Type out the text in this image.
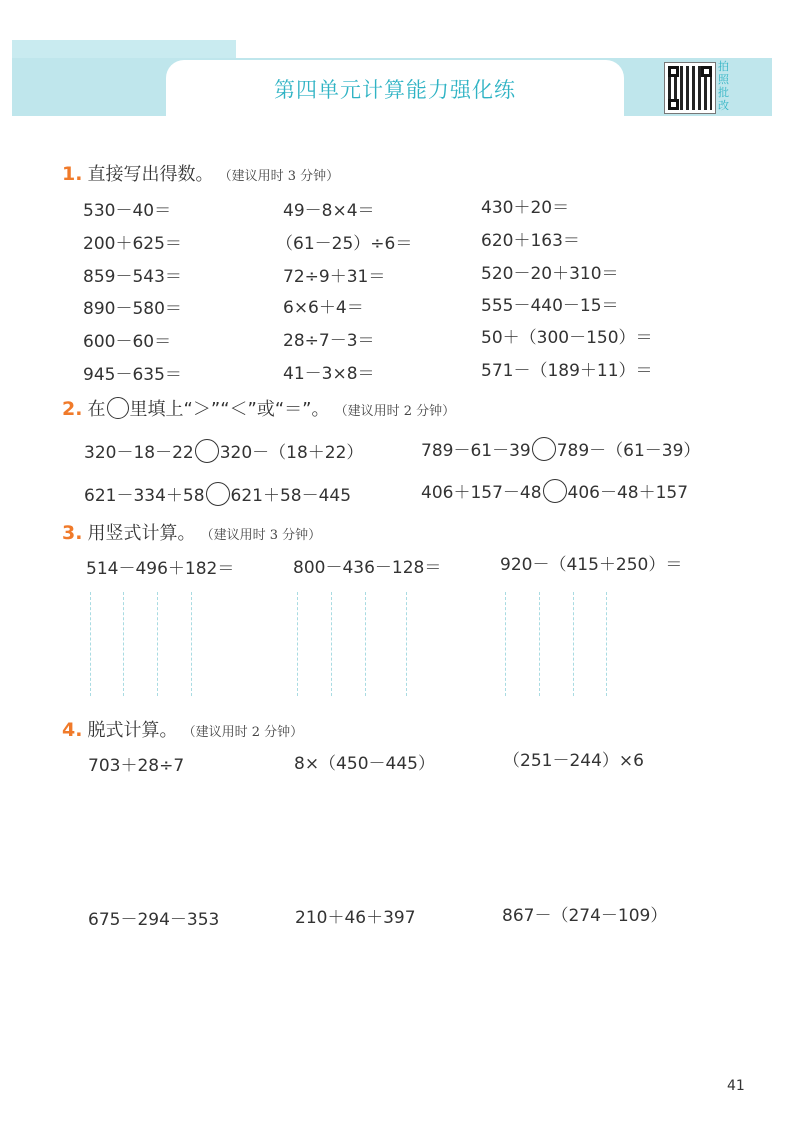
第四单元计算能力强化练
拍照批改
1. 直接写出得数。 （建议用时 3 分钟）
530－40＝	49－8×4＝	430＋20＝
200＋625＝	（61－25）÷6＝	620＋163＝
859－543＝	72÷9＋31＝	520－20＋310＝
890－580＝	6×6＋4＝	555－440－15＝
600－60＝	28÷7－3＝	50＋（300－150）＝
945－635＝	41－3×8＝	571－（189＋11）＝
2. 在 里填上“＞”“＜”或“＝”。 （建议用时 2 分钟）
320－18－22 320－（18＋22）	789－61－39 789－（61－39）
621－334＋58 621＋58－445	406＋157－48 406－48＋157
3. 用竖式计算。 （建议用时 3 分钟）
514－496＋182＝	800－436－128＝	920－（415＋250）＝
4. 脱式计算。 （建议用时 2 分钟）
703＋28÷7	8×（450－445）	（251－244）×6
675－294－353	210＋46＋397	867－（274－109）
41
